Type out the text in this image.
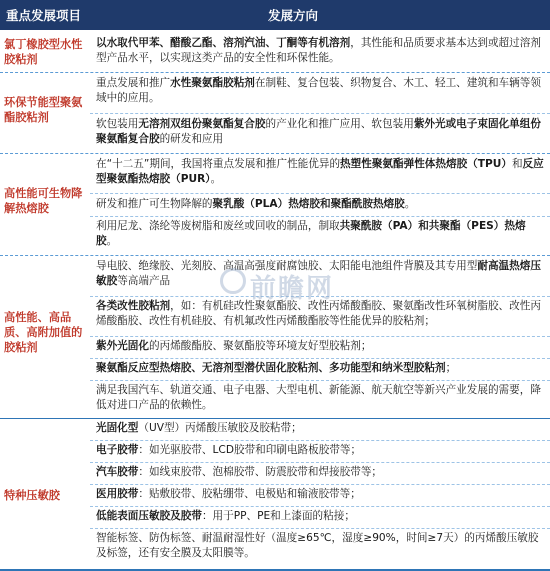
重点发展项目	发展方向
氯丁橡胶型水性胶粘剂
以水取代甲苯、醋酸乙酯、溶剂汽油、丁酮等有机溶剂，其性能和品质要求基本达到或超过溶剂型产品水平，以实现这类产品的安全性和环保性能。
环保节能型聚氨酯胶粘剂
重点发展和推广水性聚氨酯胶粘剂在制鞋、复合包装、织物复合、木工、轻工、建筑和车辆等领域中的应用。
软包装用无溶剂双组份聚氨酯复合胶的产业化和推广应用、软包装用紫外光或电子束固化单组份聚氨酯复合胶的研发和应用
高性能可生物降解热熔胶
在“十二五”期间，我国将重点发展和推广性能优异的热塑性聚氨酯弹性体热熔胶（TPU）和反应型聚氨酯热熔胶（PUR）。
研发和推广可生物降解的聚乳酸（PLA）热熔胶和聚酯酰胺热熔胶。
利用尼龙、涤纶等废树脂和废丝或回收的制品，制取共聚酰胺（PA）和共聚酯（PES）热熔胶。
高性能、高品质、高附加值的胶粘剂
导电胶、绝缘胶、光刻胶、高温高强度耐腐蚀胶、太阳能电池组件背膜及其专用型耐高温热熔压敏胶等高端产品
各类改性胶粘剂，如：有机硅改性聚氨酯胶、改性丙烯酸酯胶、聚氨酯改性环氧树脂胶、改性丙烯酸酯胶、改性有机硅胶、有机氟改性丙烯酸酯胶等性能优异的胶粘剂；
紫外光固化的丙烯酸酯胶、聚氨酯胶等环境友好型胶粘剂；
聚氨酯反应型热熔胶、无溶剂型潜伏固化胶粘剂、多功能型和纳米型胶粘剂；
满足我国汽车、轨道交通、电子电器、大型电机、新能源、航天航空等新兴产业发展的需要，降低对进口产品的依赖性。
特种压敏胶
光固化型（UV型）丙烯酸压敏胶及胶粘带；
电子胶带：如光驱胶带、LCD胶带和印刷电路板胶带等；
汽车胶带：如线束胶带、泡棉胶带、防震胶带和焊接胶带等；
医用胶带：贴敷胶带、胶粘绷带、电极贴和输液胶带等；
低能表面压敏胶及胶带：用于PP、PE和上漆面的粘接；
智能标签、防伪标签、耐温耐湿性好（温度≥65℃，湿度≥90%，时间≥7天）的丙烯酸压敏胶及标签，还有安全膜及太阳膜等。
前瞻网
